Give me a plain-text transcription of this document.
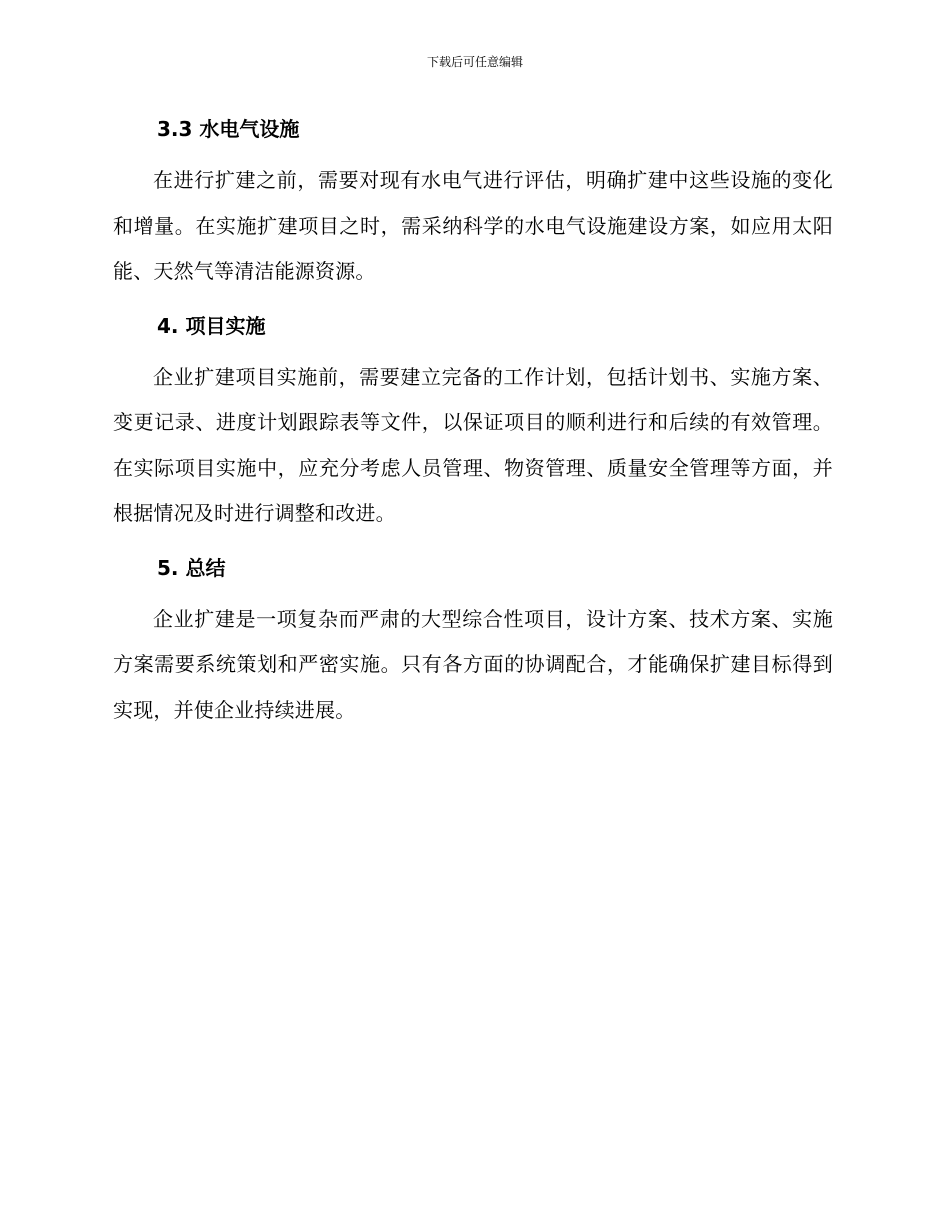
下载后可任意编辑
3.3 水电气设施

在进行扩建之前，需要对现有水电气进行评估，明确扩建中这些设施的变化和增量。在实施扩建项目之时，需采纳科学的水电气设施建设方案，如应用太阳能、天然气等清洁能源资源。

4. 项目实施

企业扩建项目实施前，需要建立完备的工作计划，包括计划书、实施方案、变更记录、进度计划跟踪表等文件，以保证项目的顺利进行和后续的有效管理。在实际项目实施中，应充分考虑人员管理、物资管理、质量安全管理等方面，并根据情况及时进行调整和改进。

5. 总结

企业扩建是一项复杂而严肃的大型综合性项目，设计方案、技术方案、实施方案需要系统策划和严密实施。只有各方面的协调配合，才能确保扩建目标得到实现，并使企业持续进展。
